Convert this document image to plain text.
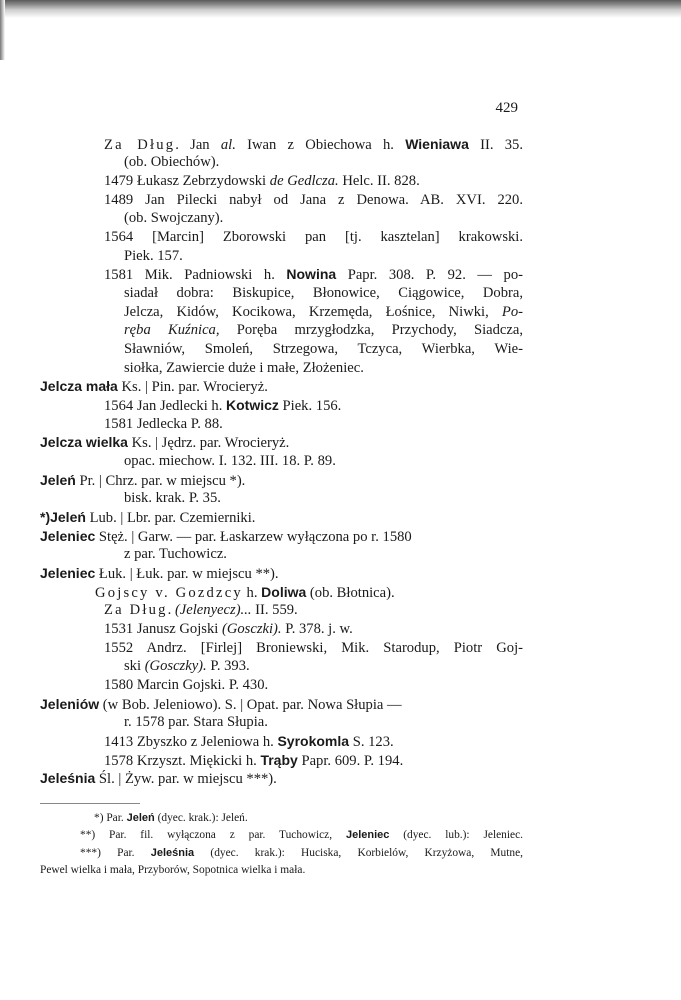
429
Za Dług. Jan al. Iwan z Obiechowa h. Wieniawa II. 35.
(ob. Obiechów).
1479 Łukasz Zebrzydowski de Gedlcza. Helc. II. 828.
1489 Jan Pilecki nabył od Jana z Denowa. AB. XVI. 220.
(ob. Swojczany).
1564 [Marcin] Zborowski pan [tj. kasztelan] krakowski.
Piek. 157.
1581 Mik. Padniowski h. Nowina Papr. 308. P. 92. — po-
siadał dobra: Biskupice, Błonowice, Ciągowice, Dobra,
Jelcza, Kidów, Kocikowa, Krzemęda, Łośnice, Niwki, Po-
ręba Kuźnica, Poręba mrzygłodzka, Przychody, Siadcza,
Sławniów, Smoleń, Strzegowa, Tczyca, Wierbka, Wie-
siołka, Zawiercie duże i małe, Złożeniec.
Jelcza mała Ks. | Pin. par. Wrocieryż.
1564 Jan Jedlecki h. Kotwicz Piek. 156.
1581 Jedlecka P. 88.
Jelcza wielka Ks. | Jędrz. par. Wrocieryż.
opac. miechow. I. 132. III. 18. P. 89.
Jeleń Pr. | Chrz. par. w miejscu *).
bisk. krak. P. 35.
*)Jeleń Lub. | Lbr. par. Czemierniki.
Jeleniec Stęż. | Garw. — par. Łaskarzew wyłączona po r. 1580
z par. Tuchowicz.
Jeleniec Łuk. | Łuk. par. w miejscu **).
Gojscy v. Gozdzcy h. Doliwa (ob. Błotnica).
Za Dług. (Jelenyecz)... II. 559.
1531 Janusz Gojski (Gosczki). P. 378. j. w.
1552 Andrz. [Firlej] Broniewski, Mik. Starodup, Piotr Goj-
ski (Gosczky). P. 393.
1580 Marcin Gojski. P. 430.
Jeleniów (w Bob. Jeleniowo). S. | Opat. par. Nowa Słupia —
r. 1578 par. Stara Słupia.
1413 Zbyszko z Jeleniowa h. Syrokomla S. 123.
1578 Krzyszt. Miękicki h. Trąby Papr. 609. P. 194.
Jeleśnia Śl. | Żyw. par. w miejscu ***).
*) Par. Jeleń (dyec. krak.): Jeleń.
**) Par. fil. wyłączona z par. Tuchowicz, Jeleniec (dyec. lub.): Jeleniec.
***) Par. Jeleśnia (dyec. krak.): Huciska, Korbielów, Krzyżowa, Mutne,
Pewel wielka i mała, Przyborów, Sopotnica wielka i mała.
